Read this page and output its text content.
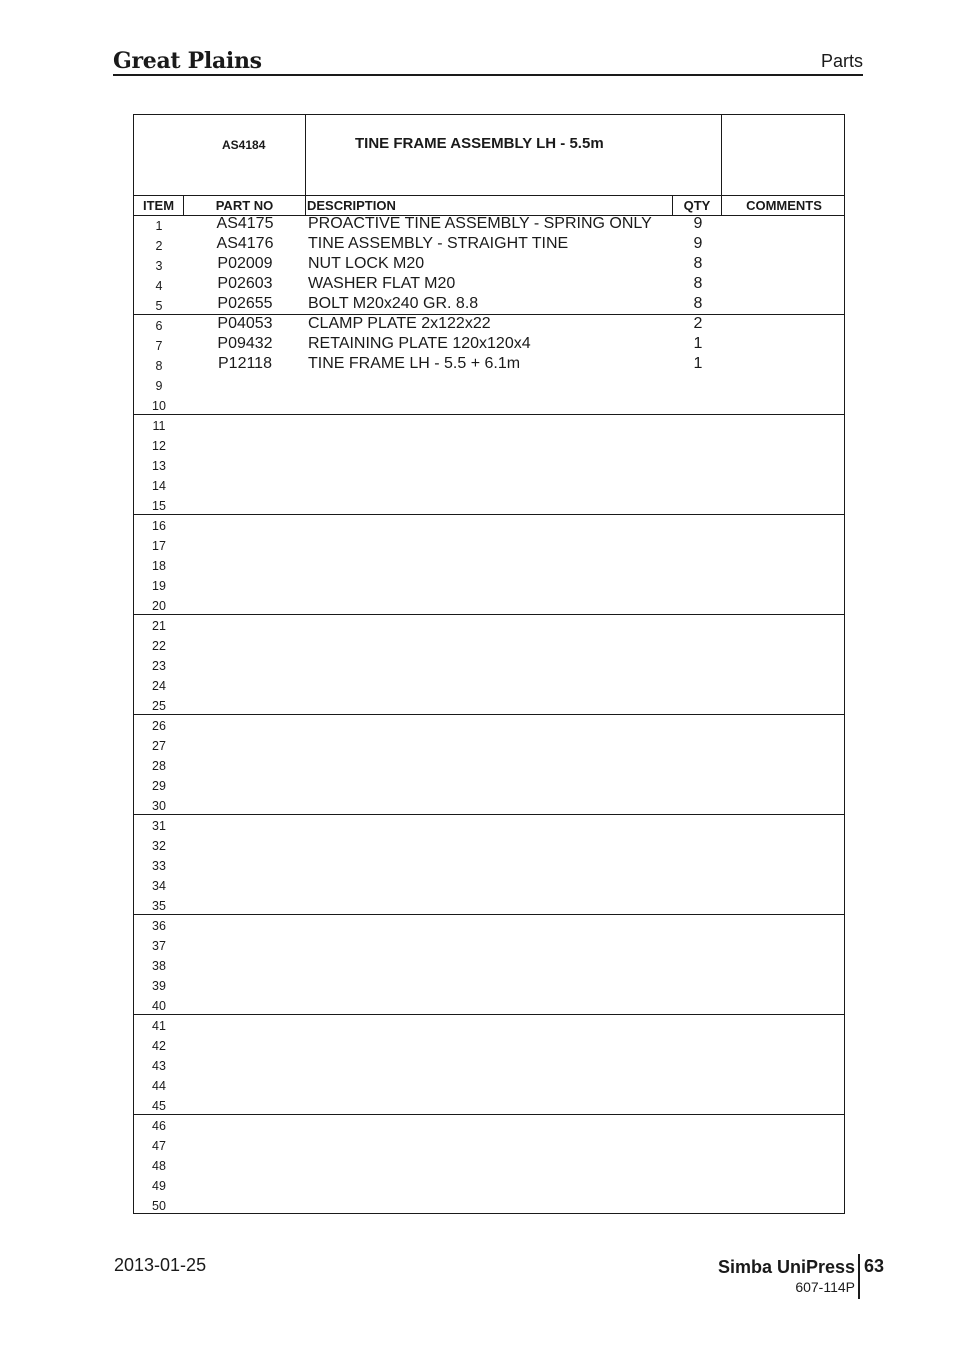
Great Plains	Parts
AS4184	TINE FRAME ASSEMBLY LH - 5.5m
ITEM	PART NO	DESCRIPTION	QTY	COMMENTS
1	AS4175	PROACTIVE TINE ASSEMBLY - SPRING ONLY	9
2	AS4176	TINE ASSEMBLY - STRAIGHT TINE	9
3	P02009	NUT LOCK M20	8
4	P02603	WASHER FLAT M20	8
5	P02655	BOLT M20x240 GR. 8.8	8
6	P04053	CLAMP PLATE 2x122x22	2
7	P09432	RETAINING PLATE 120x120x4	1
8	P12118	TINE FRAME LH - 5.5 + 6.1m	1
9
10
11
12
13
14
15
16
17
18
19
20
21
22
23
24
25
26
27
28
29
30
31
32
33
34
35
36
37
38
39
40
41
42
43
44
45
46
47
48
49
50
2013-01-25	Simba UniPress
607-114P
63
